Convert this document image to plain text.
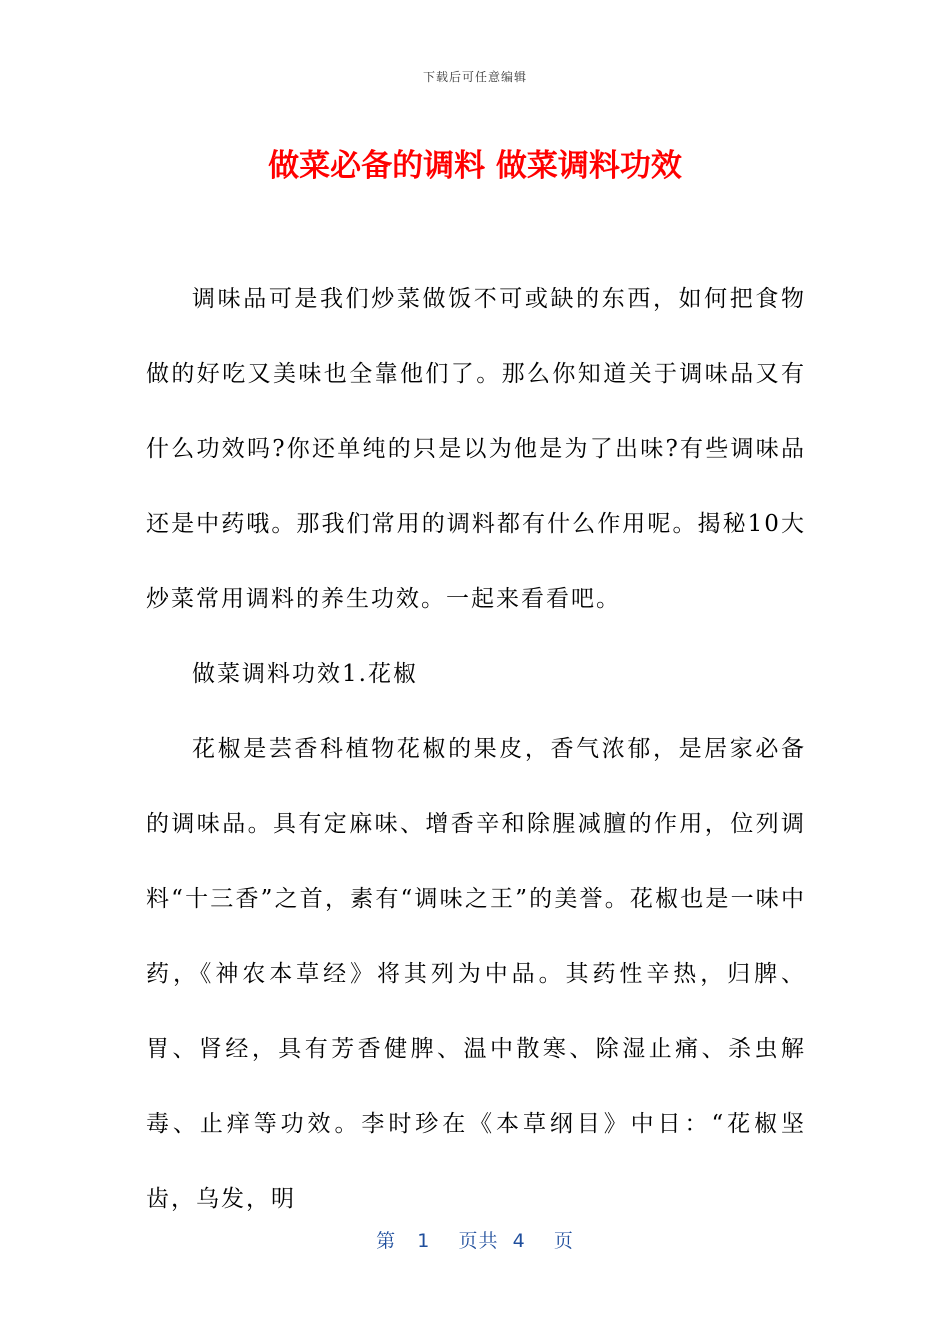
下载后可任意编辑
做菜必备的调料 做菜调料功效

调味品可是我们炒菜做饭不可或缺的东西，如何把食物做的好吃又美味也全靠他们了。那么你知道关于调味品又有什么功效吗?你还单纯的只是以为他是为了出味?有些调味品还是中药哦。那我们常用的调料都有什么作用呢。揭秘10大炒菜常用调料的养生功效。一起来看看吧。

做菜调料功效1.花椒

花椒是芸香科植物花椒的果皮，香气浓郁，是居家必备的调味品。具有定麻味、增香辛和除腥减膻的作用，位列调料“十三香”之首，素有“调味之王”的美誉。花椒也是一味中药，《神农本草经》将其列为中品。其药性辛热，归脾、胃、肾经，具有芳香健脾、温中散寒、除湿止痛、杀虫解毒、止痒等功效。李时珍在《本草纲目》中日：“花椒坚齿，乌发，明

第 1 页共 4 页
